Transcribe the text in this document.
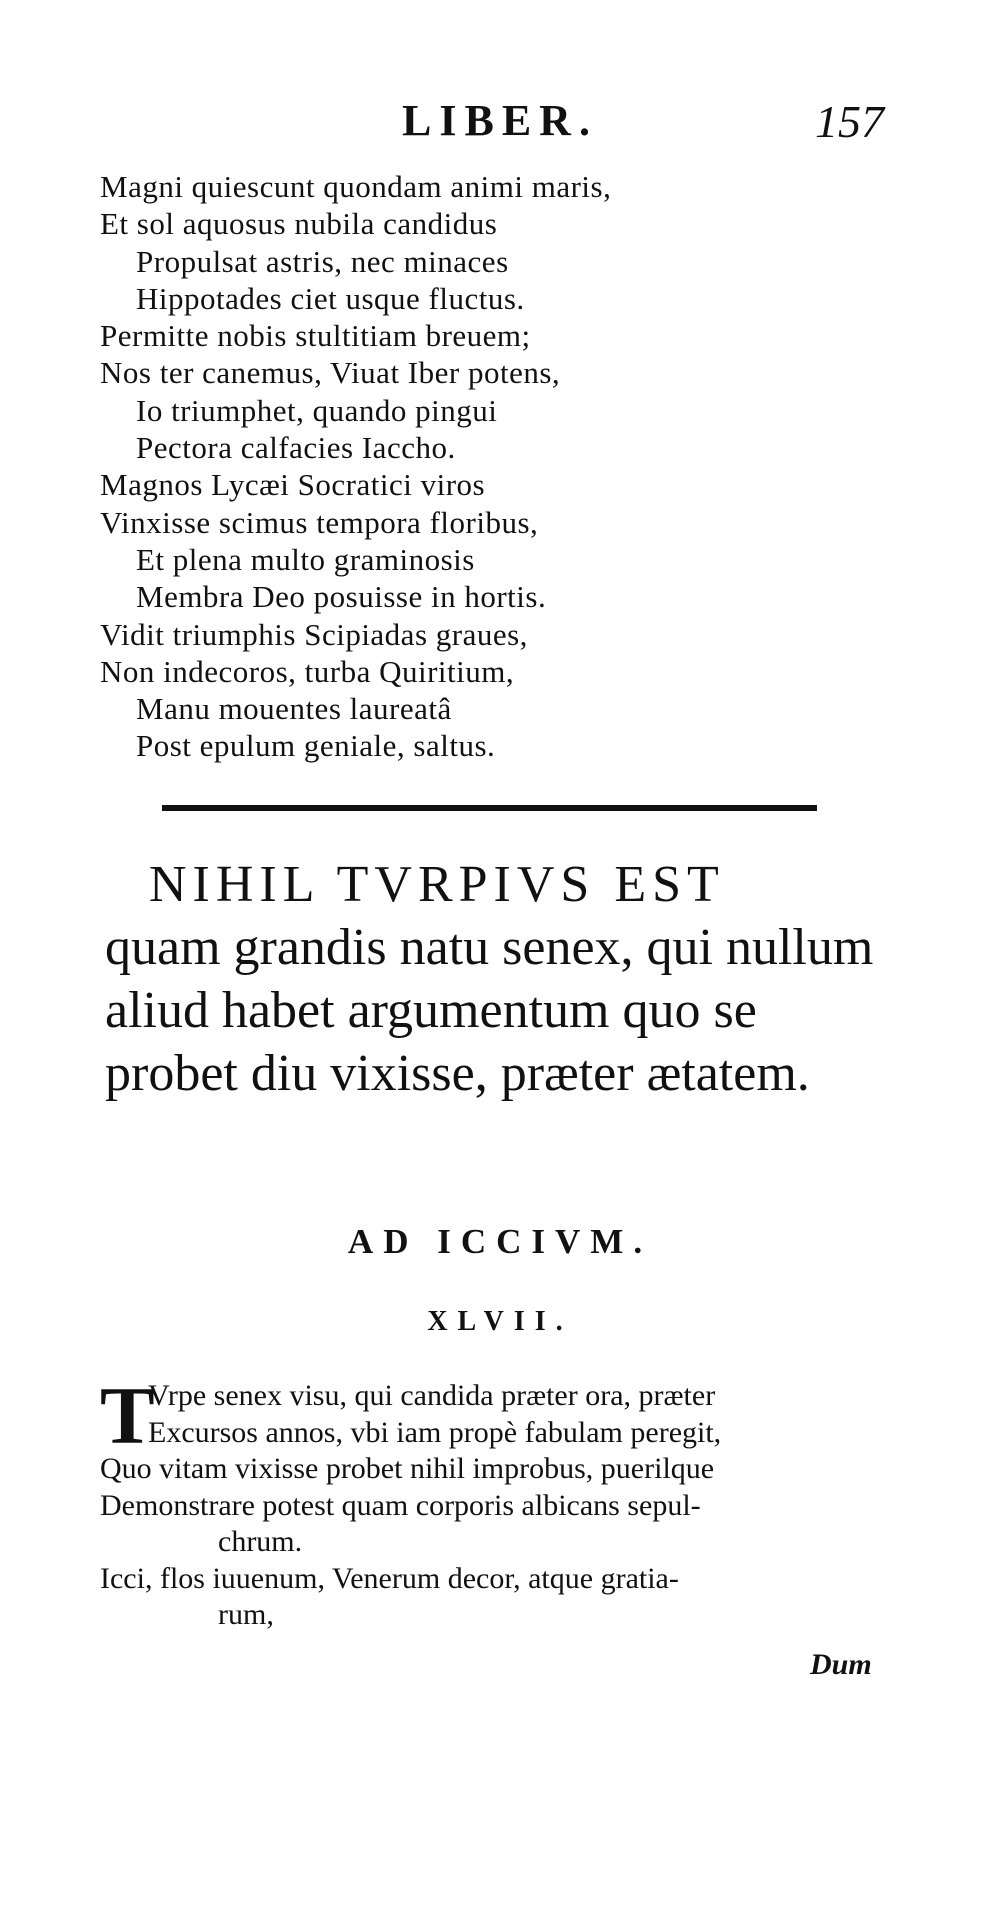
LIBER.	157
Magni quiescunt quondam animi maris,
Et sol aquosus nubila candidus
Propulsat astris, nec minaces
Hippotades ciet usque fluctus.
Permitte nobis stultitiam breuem;
Nos ter canemus, Viuat Iber potens,
Io triumphet, quando pingui
Pectora calfacies Iaccho.
Magnos Lycæi Socratici viros
Vinxisse scimus tempora floribus,
Et plena multo graminosis
Membra Deo posuisse in hortis.
Vidit triumphis Scipiadas graues,
Non indecoros, turba Quiritium,
Manu mouentes laureatâ
Post epulum geniale, saltus.
NIHIL TVRPIVS EST
quam grandis natu senex, qui nullum aliud habet argumentum quo se probet diu vixisse, præter ætatem.
AD ICCIVM.
XLVII.
T
Vrpe senex visu, qui candida præter ora, præter
Excursos annos, vbi iam propè fabulam peregit,
Quo vitam vixisse probet nihil improbus, puerilque
Demonstrare potest quam corporis albicans sepul-
chrum.
Icci, flos iuuenum, Venerum decor, atque gratia-
rum,
Dum
